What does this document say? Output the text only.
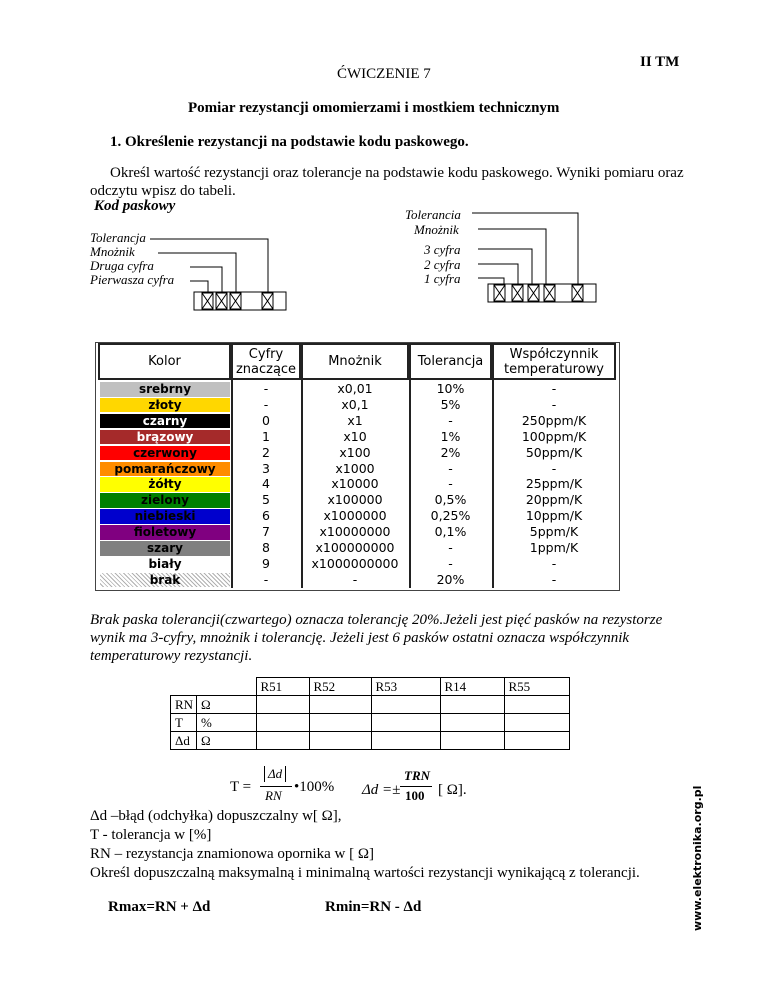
II TM
ĆWICZENIE 7
Pomiar rezystancji omomierzami i mostkiem technicznym
1. Określenie rezystancji na podstawie kodu paskowego.
Określ wartość rezystancji oraz tolerancje na podstawie kodu paskowego. Wyniki pomiaru oraz odczytu wpisz do tabeli.
Kod paskowy
Tolerancja
Mnożnik
Druga cyfra
Pierwasza cyfra
Tolerancia
Mnożnik
3 cyfra
2 cyfra
1 cyfra
Kolor	Cyfry znaczące	Mnożnik	Tolerancja	Współczynnik temperaturowy
srebrny	-	x0,01	10%	-
złoty	-	x0,1	5%	-
czarny	0	x1	-	250ppm/K
brązowy	1	x10	1%	100ppm/K
czerwony	2	x100	2%	50ppm/K
pomarańczowy	3	x1000	-	-
żółty	4	x10000	-	25ppm/K
zielony	5	x100000	0,5%	20ppm/K
niebieski	6	x1000000	0,25%	10ppm/K
fioletowy	7	x10000000	0,1%	5ppm/K
szary	8	x100000000	-	1ppm/K
biały	9	x1000000000	-	-
brak	-	-	20%	-
www.elektronika.org.pl
Brak paska tolerancji(czwartego) oznacza tolerancję 20%.Jeżeli jest pięć pasków na rezystorze wynik ma 3-cyfry, mnożnik i tolerancję. Jeżeli jest 6 pasków ostatni oznacza współczynnik temperaturowy rezystancji.
		R51	R52	R53	R14	R55
RN	Ω					
T	%					
Δd	Ω					
T =
Δd
RN
•100% Δd =±
TRN
100 [ Ω].
Δd –błąd (odchyłka) dopuszczalny w[ Ω],
T - tolerancja w [%]
RN – rezystancja znamionowa opornika w [ Ω]
Określ dopuszczalną maksymalną i minimalną wartości rezystancji wynikającą z tolerancji.
Rmax=RN + Δd	Rmin=RN - Δd
